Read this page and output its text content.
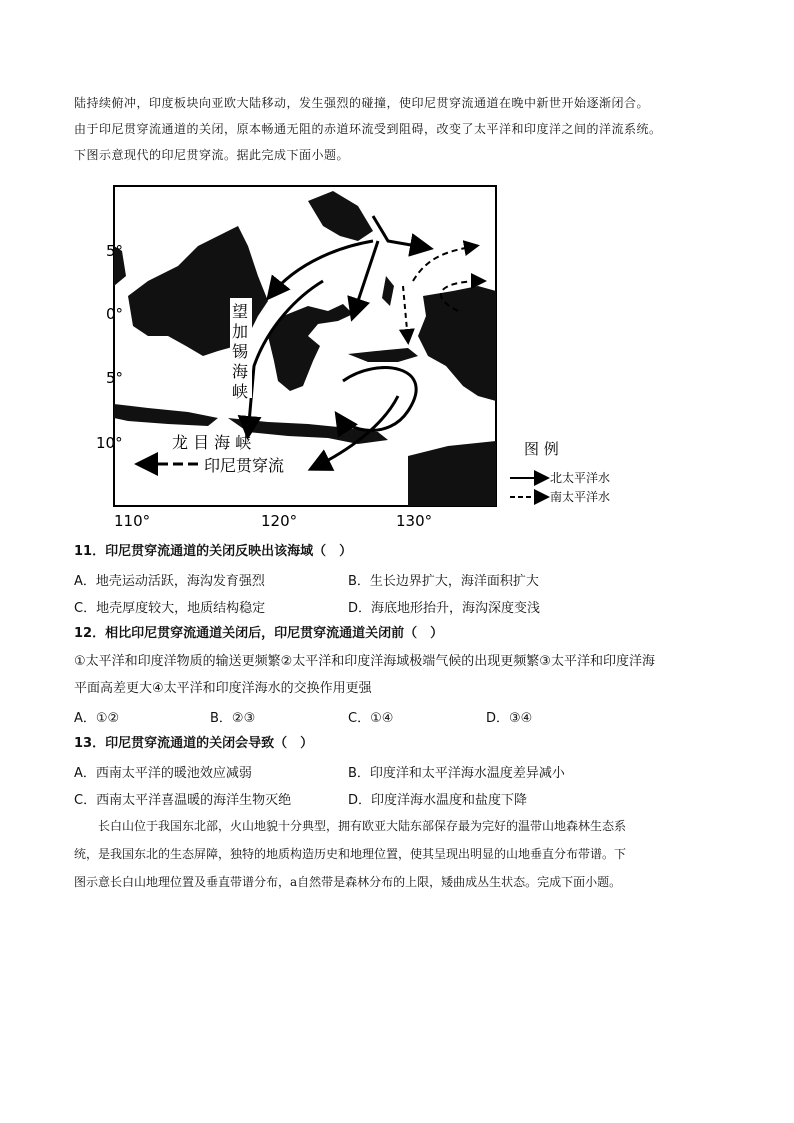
陆持续俯冲，印度板块向亚欧大陆移动，发生强烈的碰撞，使印尼贯穿流通道在晚中新世开始逐渐闭合。

由于印尼贯穿流通道的关闭，原本畅通无阻的赤道环流受到阻碍，改变了太平洋和印度洋之间的洋流系统。

下图示意现代的印尼贯穿流。据此完成下面小题。

5°
0°
5°
10°
110°	120°	130°
望
加
锡
海
峡
龙 目 海 峡
印尼贯穿流
图 例
北太平洋水
南太平洋水
11．印尼贯穿流通道的关闭反映出该海域（　）
A．地壳运动活跃，海沟发育强烈	B．生长边界扩大，海洋面积扩大
C．地壳厚度较大，地质结构稳定	D．海底地形抬升，海沟深度变浅
12．相比印尼贯穿流通道关闭后，印尼贯穿流通道关闭前（　）
①太平洋和印度洋物质的输送更频繁②太平洋和印度洋海域极端气候的出现更频繁③太平洋和印度洋海
平面高差更大④太平洋和印度洋海水的交换作用更强
A．①②	B．②③	C．①④	D．③④
13．印尼贯穿流通道的关闭会导致（　）
A．西南太平洋的暖池效应减弱	B．印度洋和太平洋海水温度差异减小
C．西南太平洋喜温暖的海洋生物灭绝	D．印度洋海水温度和盐度下降

长白山位于我国东北部，火山地貌十分典型，拥有欧亚大陆东部保存最为完好的温带山地森林生态系

统，是我国东北的生态屏障，独特的地质构造历史和地理位置，使其呈现出明显的山地垂直分布带谱。下

图示意长白山地理位置及垂直带谱分布，a自然带是森林分布的上限，矮曲成丛生状态。完成下面小题。
